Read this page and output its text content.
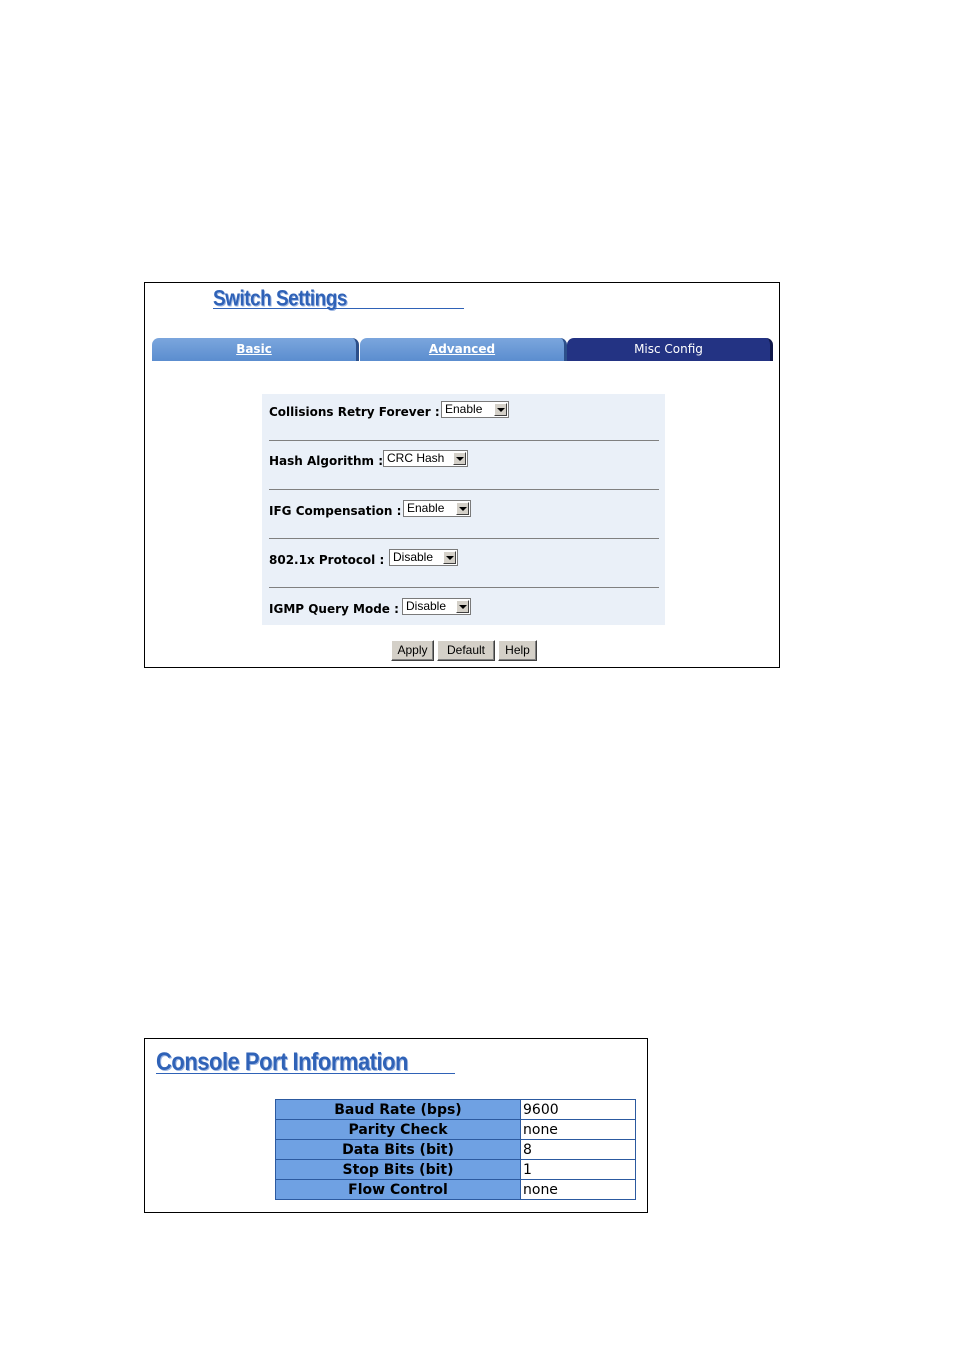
Switch Settings
Basic	Advanced	Misc Config
Collisions Retry Forever : Enable
Hash Algorithm : CRC Hash
IFG Compensation : Enable
802.1x Protocol : Disable
IGMP Query Mode : Disable
Apply	Default	Help
Console Port Information
Baud Rate (bps)	9600
Parity Check	none
Data Bits (bit)	8
Stop Bits (bit)	1
Flow Control	none
